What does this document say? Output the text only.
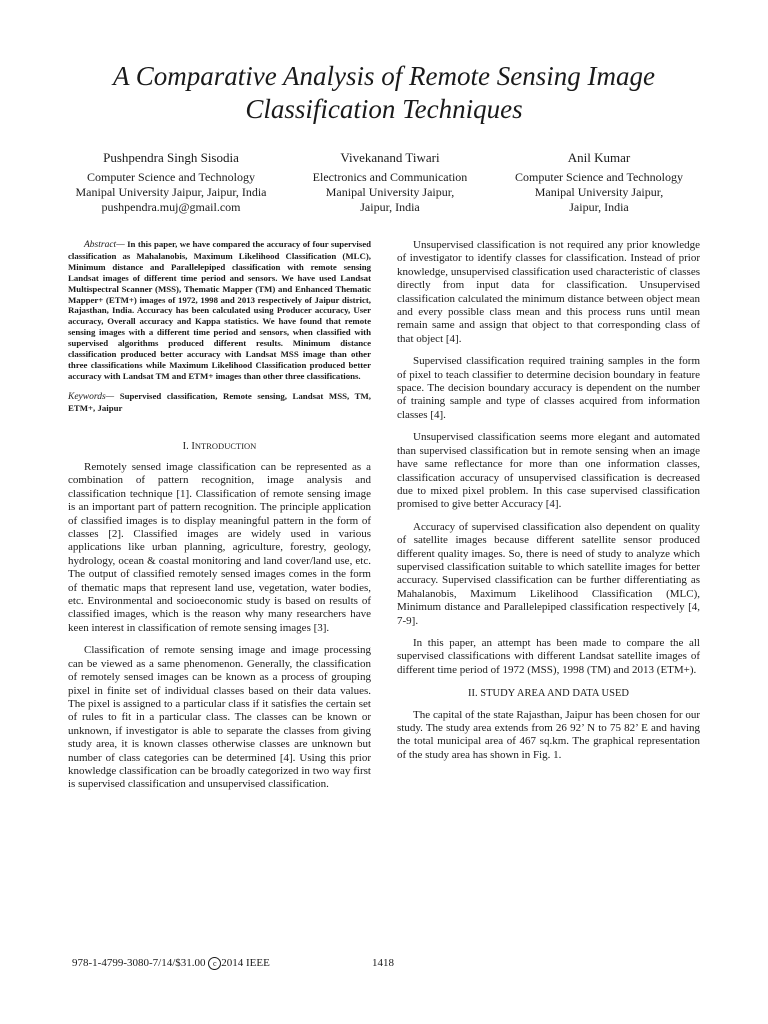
A Comparative Analysis of Remote Sensing Image Classification Techniques
Pushpendra Singh Sisodia
Computer Science and Technology
Manipal University Jaipur, Jaipur, India
pushpendra.muj@gmail.com
Vivekanand Tiwari
Electronics and Communication
Manipal University Jaipur,
Jaipur, India
Anil Kumar
Computer Science and Technology
Manipal University Jaipur,
Jaipur, India

Abstract— In this paper, we have compared the accuracy of four supervised classification as Mahalanobis, Maximum Likelihood Classification (MLC), Minimum distance and Parallelepiped classification with remote sensing Landsat images of different time period and sensors. We have used Landsat Multispectral Scanner (MSS), Thematic Mapper (TM) and Enhanced Thematic Mapper+ (ETM+) images of 1972, 1998 and 2013 respectively of Jaipur district, Rajasthan, India. Accuracy has been calculated using Producer accuracy, User accuracy, Overall accuracy and Kappa statistics. We have found that remote sensing images with a different time period and sensors, when classified with supervised algorithms produced different results. Minimum distance classification produced better accuracy with Landsat MSS image than other three classifications while Maximum Likelihood Classification produced better accuracy with Landsat TM and ETM+ images than other three classifications.

Keywords— Supervised classification, Remote sensing, Landsat MSS, TM, ETM+, Jaipur
I. INTRODUCTION

Remotely sensed image classification can be represented as a combination of pattern recognition, image analysis and classification technique [1]. Classification of remote sensing image is an important part of pattern recognition. The principle application of classified images is to display meaningful pattern in the form of classes [2]. Classified images are widely used in various applications like urban planning, agriculture, forestry, geology, hydrology, ocean & coastal monitoring and land cover/land use, etc. The output of classified remotely sensed images comes in the form of thematic maps that represent land use, vegetation, water bodies, etc. Environmental and socioeconomic study is based on results of classified images, which is the reason why many researchers have keen interest in classification of remote sensing images [3].

Classification of remote sensing image and image processing can be viewed as a same phenomenon. Generally, the classification of remotely sensed images can be known as a process of grouping pixel in finite set of individual classes based on their data values. The pixel is assigned to a particular class if it satisfies the certain set of rules to fit in a particular class. The classes can be known or unknown, if investigator is able to separate the classes from giving study area, it is known classes otherwise classes are unknown but number of class categories can be determined [4]. Using this prior knowledge classification can be broadly categorized in two way first is supervised classification and unsupervised classification.

Unsupervised classification is not required any prior knowledge of investigator to identify classes for classification. Instead of prior knowledge, unsupervised classification used characteristic of classes directly from input data for classification. Unsupervised classification calculated the minimum distance between object mean and every possible class mean and this process runs until mean remain same and assign that object to that corresponding class of that object [4].

Supervised classification required training samples in the form of pixel to teach classifier to determine decision boundary in feature space. The decision boundary accuracy is dependent on the number of training sample and type of classes acquired from information classes [4].

Unsupervised classification seems more elegant and automated than supervised classification but in remote sensing when an image have same reflectance for more than one information classes, classification accuracy of unsupervised classification is decreased due to mixed pixel problem. In this case supervised classification promised to give better Accuracy [4].

Accuracy of supervised classification also dependent on quality of satellite images because different satellite sensor produced different quality images. So, there is need of study to analyze which supervised classification suitable to which satellite images for better accuracy. Supervised classification can be further differentiating as Mahalanobis, Maximum Likelihood Classification (MLC), Minimum distance and Parallelepiped classification respectively [4, 7-9].

In this paper, an attempt has been made to compare the all supervised classifications with different Landsat satellite images of different time period of 1972 (MSS), 1998 (TM) and 2013 (ETM+).

II. STUDY AREA AND DATA USED

The capital of the state Rajasthan, Jaipur has been chosen for our study. The study area extends from 26 92’ N to 75 82’ E and having the total municipal area of 467 sq.km. The graphical representation of the study area has shown in Fig. 1.

978-1-4799-3080-7/14/$31.00 c 2014 IEEE	1418
